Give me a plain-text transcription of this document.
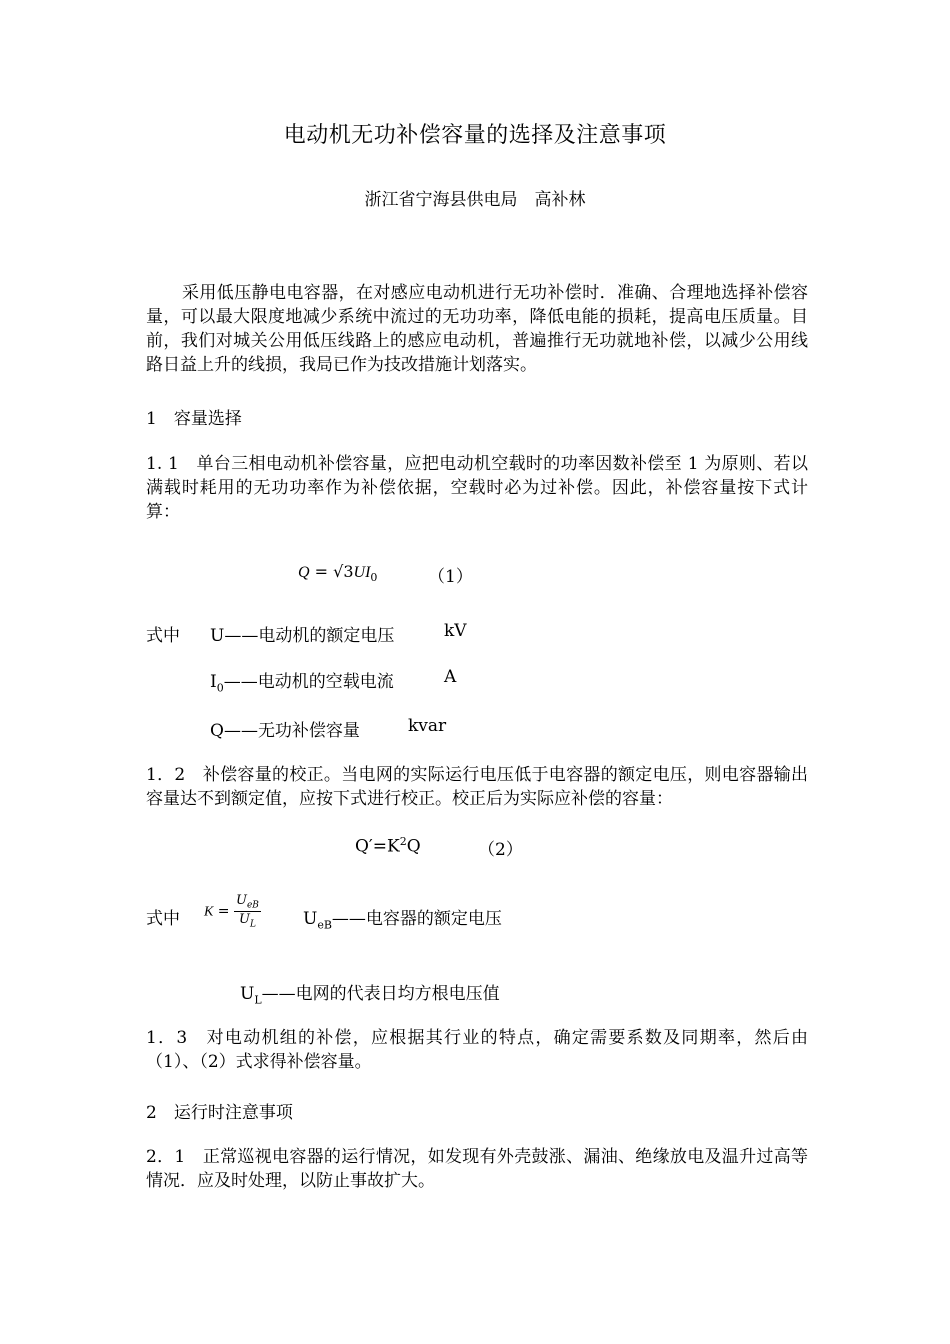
电动机无功补偿容量的选择及注意事项
浙江省宁海县供电局　高补林
采用低压静电电容器，在对感应电动机进行无功补偿时．准确、合理地选择补偿容量，可以最大限度地减少系统中流过的无功功率，降低电能的损耗，提高电压质量。目前，我们对城关公用低压线路上的感应电动机，普遍推行无功就地补偿，以减少公用线路日益上升的线损，我局已作为技改措施计划落实。
1　容量选择
1. 1　单台三相电动机补偿容量，应把电动机空载时的功率因数补偿至 1 为原则、若以满载时耗用的无功功率作为补偿依据，空载时必为过补偿。因此，补偿容量按下式计算：
$Q = √3UI_0$	（1）
式中 U——电动机的额定电压	kV
$I_0——$电动机的空载电流	A
Q——无功补偿容量	kvar
1．2　补偿容量的校正。当电网的实际运行电压低于电容器的额定电压，则电容器输出容量达不到额定值，应按下式进行校正。校正后为实际应补偿的容量：
$Q'=K^2Q$	（2）
式中 $K = \frac{U_{eB}}{U_L}$ $U_{eB}——$电容器的额定电压
$U_L——$电网的代表日均方根电压值
1．3　对电动机组的补偿，应根据其行业的特点，确定需要系数及同期率，然后由（1）、（2）式求得补偿容量。
2　运行时注意事项
2．1　正常巡视电容器的运行情况，如发现有外壳鼓涨、漏油、绝缘放电及温升过高等情况．应及时处理，以防止事故扩大。
